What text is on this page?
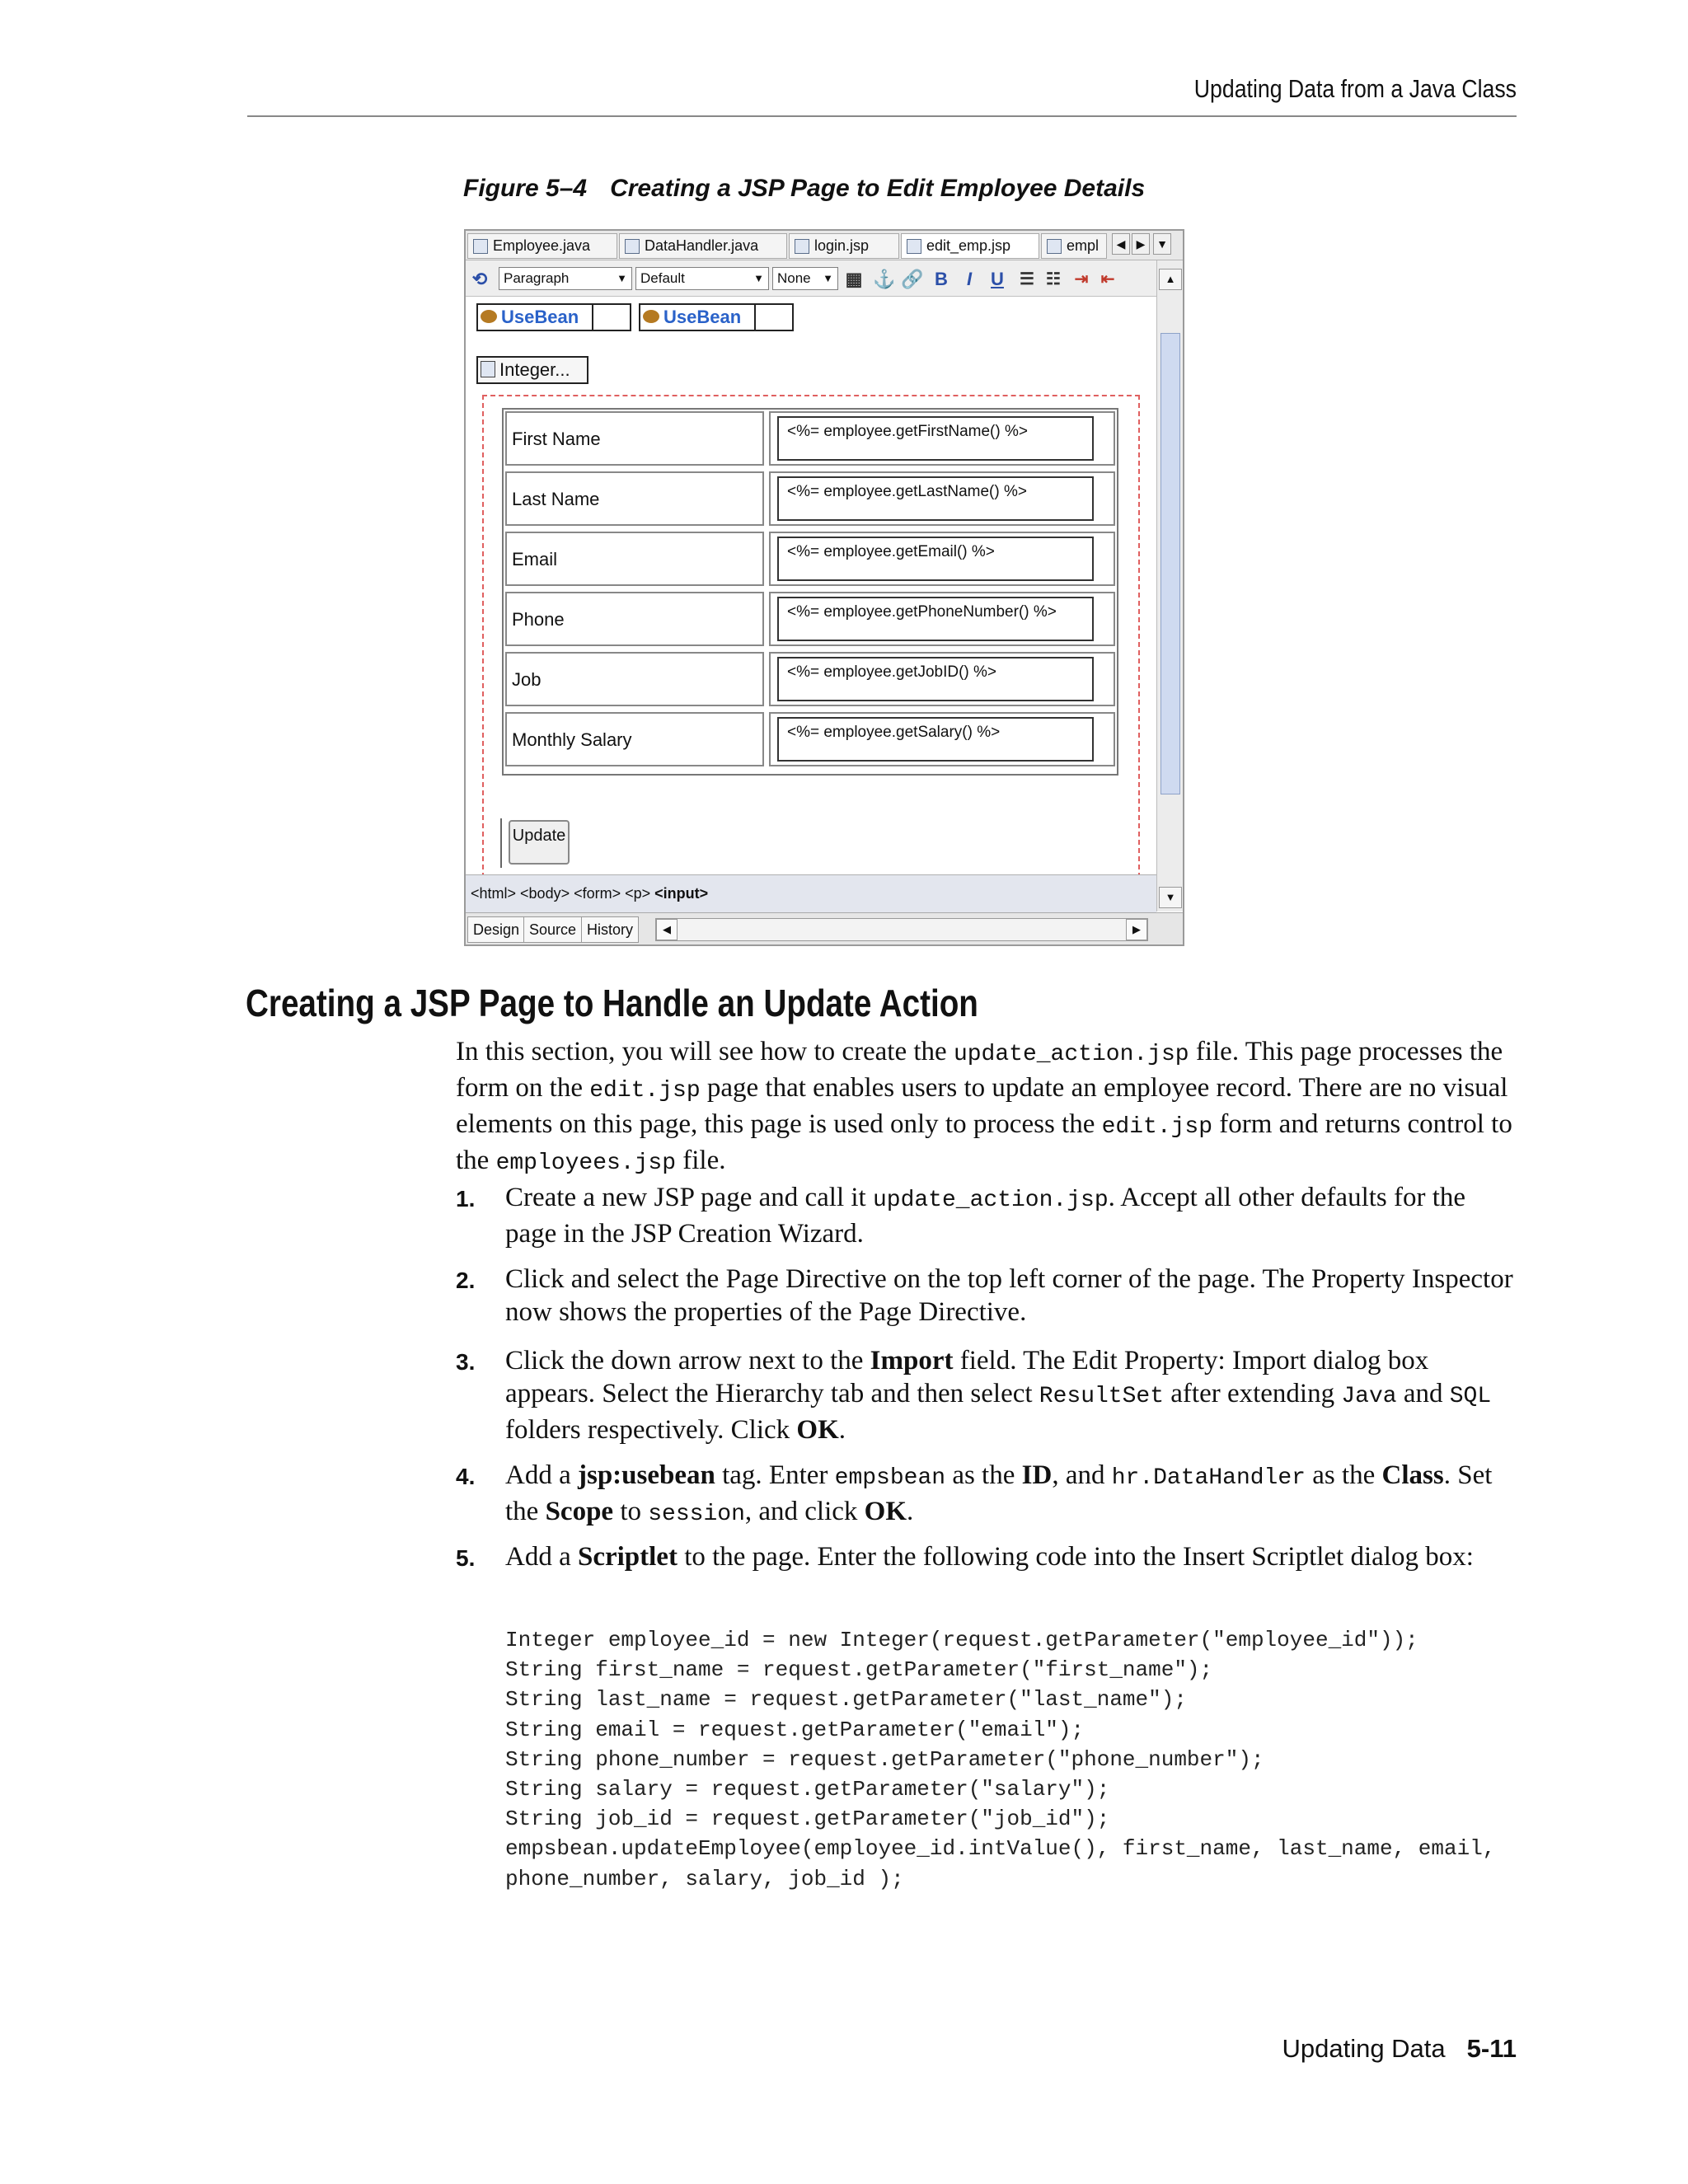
Updating Data from a Java Class
Figure 5–4 Creating a JSP Page to Edit Employee Details
Employee.java	DataHandler.java	login.jsp	edit_emp.jsp	empl	◀ ▶ ▼
⟲	Paragraph	▼ Default	▼ None ▼ ▦ ⚓ 🔗 B	I	U ☰ ☷ ⇥ ⇤
UseBean	UseBean
Integer...
First Name	<%= employee.getFirstName() %>
Last Name	<%= employee.getLastName() %>
Email	<%= employee.getEmail() %>
Phone	<%= employee.getPhoneNumber() %>
Job	<%= employee.getJobID() %>
Monthly Salary	<%= employee.getSalary() %>
Update
▲
▼
<html> <body> <form> <p> <input>
Design Source History	◀	▶
Creating a JSP Page to Handle an Update Action
In this section, you will see how to create the update_action.jsp file. This page processes the form on the edit.jsp page that enables users to update an employee record. There are no visual elements on this page, this page is used only to process the edit.jsp form and returns control to the employees.jsp file.
1. Create a new JSP page and call it update_action.jsp. Accept all other defaults for the page in the JSP Creation Wizard.
2. Click and select the Page Directive on the top left corner of the page. The Property Inspector now shows the properties of the Page Directive.
3. Click the down arrow next to the Import field. The Edit Property: Import dialog box appears. Select the Hierarchy tab and then select ResultSet after extending Java and SQL folders respectively. Click OK.
4. Add a jsp:usebean tag. Enter empsbean as the ID, and hr.DataHandler as the Class. Set the Scope to session, and click OK.
5. Add a Scriptlet to the page. Enter the following code into the Insert Scriptlet dialog box:
Integer employee_id = new Integer(request.getParameter("employee_id"));
String first_name = request.getParameter("first_name");
String last_name = request.getParameter("last_name");
String email = request.getParameter("email");
String phone_number = request.getParameter("phone_number");
String salary = request.getParameter("salary");
String job_id = request.getParameter("job_id");
empsbean.updateEmployee(employee_id.intValue(), first_name, last_name, email,
phone_number, salary, job_id );
Updating Data 5-11
